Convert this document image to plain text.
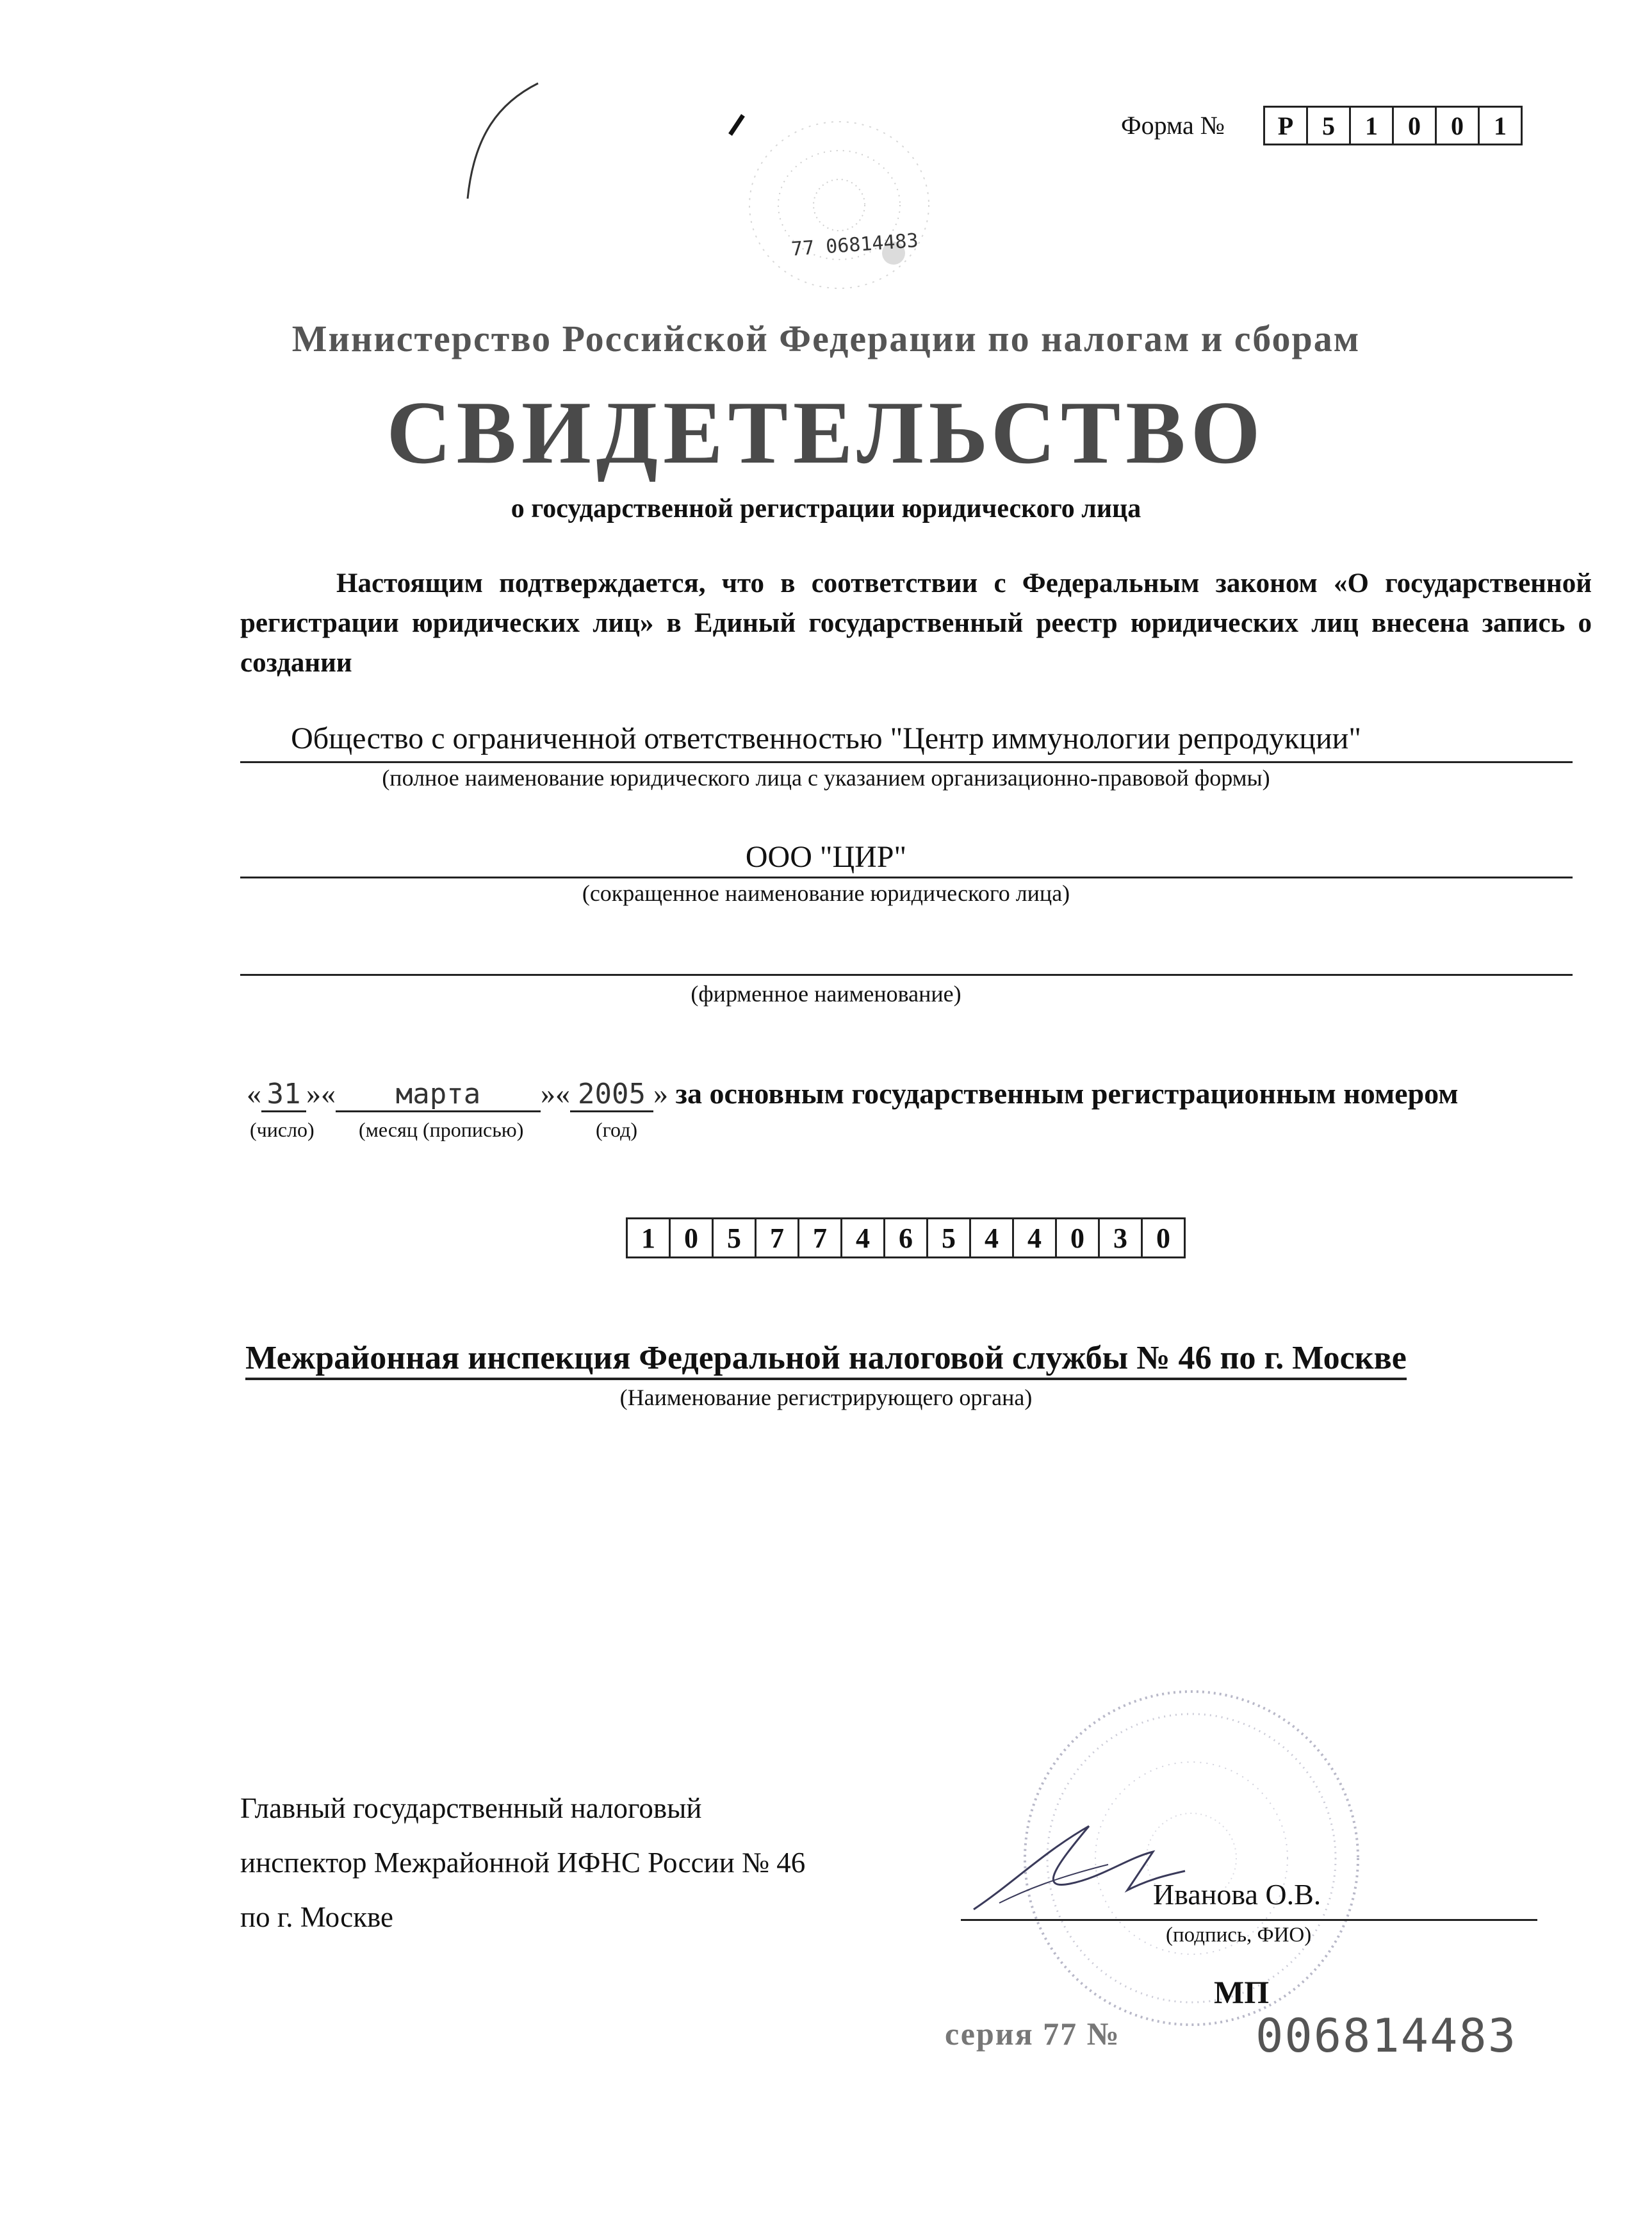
77 06814483
Форма №	Р	5	1	0	0	1
Министерство Российской Федерации по налогам и сборам
СВИДЕТЕЛЬСТВО
о государственной регистрации юридического лица
Настоящим подтверждается, что в соответствии с Федеральным законом «О государственной регистрации юридических лиц» в Единый государственный реестр юридических лиц внесена запись о создании
Общество с ограниченной ответственностью "Центр иммунологии репродукции"
(полное наименование юридического лица с указанием организационно-правовой формы)
ООО "ЦИР"
(сокращенное наименование юридического лица)
(фирменное наименование)
« 31 »« марта »« 2005 » за основным государственным регистрационным номером
(число) (месяц (прописью)	(год)
1	0	5	7	7	4	6	5	4	4	0	3	0
Межрайонная инспекция Федеральной налоговой службы № 46 по г. Москве
(Наименование регистрирующего органа)
Главный государственный налоговый
инспектор Межрайонной ИФНС России № 46
по г. Москве
Иванова О.В.
(подпись, ФИО)
МП
серия 77 №	006814483
